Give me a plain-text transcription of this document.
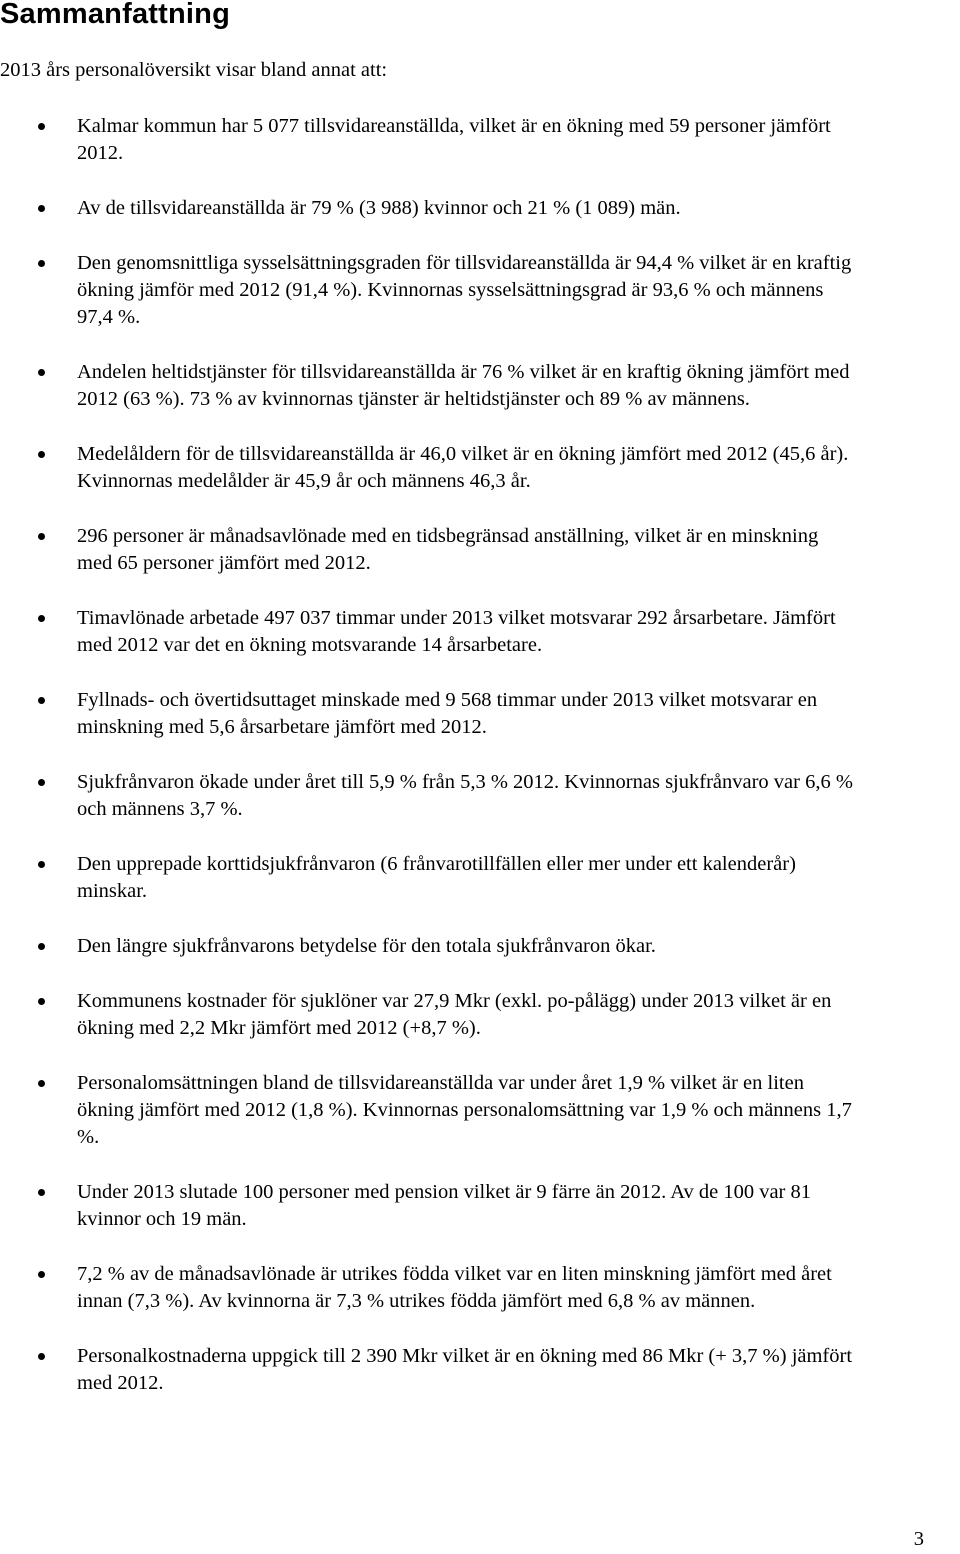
Sammanfattning

2013 års personalöversikt visar bland annat att:

Kalmar kommun har 5 077 tillsvidareanställda, vilket är en ökning med 59 personer jämfört
2012.
Av de tillsvidareanställda är 79 % (3 988) kvinnor och 21 % (1 089) män.
Den genomsnittliga sysselsättningsgraden för tillsvidareanställda är 94,4 % vilket är en kraftig
ökning jämför med 2012 (91,4 %). Kvinnornas sysselsättningsgrad är 93,6 % och männens
97,4 %.
Andelen heltidstjänster för tillsvidareanställda är 76 % vilket är en kraftig ökning jämfört med
2012 (63 %). 73 % av kvinnornas tjänster är heltidstjänster och 89 % av männens.
Medelåldern för de tillsvidareanställda är 46,0 vilket är en ökning jämfört med 2012 (45,6 år).
Kvinnornas medelålder är 45,9 år och männens 46,3 år.
296 personer är månadsavlönade med en tidsbegränsad anställning, vilket är en minskning
med 65 personer jämfört med 2012.
Timavlönade arbetade 497 037 timmar under 2013 vilket motsvarar 292 årsarbetare. Jämfört
med 2012 var det en ökning motsvarande 14 årsarbetare.
Fyllnads- och övertidsuttaget minskade med 9 568 timmar under 2013 vilket motsvarar en
minskning med 5,6 årsarbetare jämfört med 2012.
Sjukfrånvaron ökade under året till 5,9 % från 5,3 % 2012. Kvinnornas sjukfrånvaro var 6,6 %
och männens 3,7 %.
Den upprepade korttidsjukfrånvaron (6 frånvarotillfällen eller mer under ett kalenderår)
minskar.
Den längre sjukfrånvarons betydelse för den totala sjukfrånvaron ökar.
Kommunens kostnader för sjuklöner var 27,9 Mkr (exkl. po-pålägg) under 2013 vilket är en
ökning med 2,2 Mkr jämfört med 2012 (+8,7 %).
Personalomsättningen bland de tillsvidareanställda var under året 1,9 % vilket är en liten
ökning jämfört med 2012 (1,8 %). Kvinnornas personalomsättning var 1,9 % och männens 1,7
%.
Under 2013 slutade 100 personer med pension vilket är 9 färre än 2012. Av de 100 var 81
kvinnor och 19 män.
7,2 % av de månadsavlönade är utrikes födda vilket var en liten minskning jämfört med året
innan (7,3 %). Av kvinnorna är 7,3 % utrikes födda jämfört med 6,8 % av männen.
Personalkostnaderna uppgick till 2 390 Mkr vilket är en ökning med 86 Mkr (+ 3,7 %) jämfört
med 2012.
3
